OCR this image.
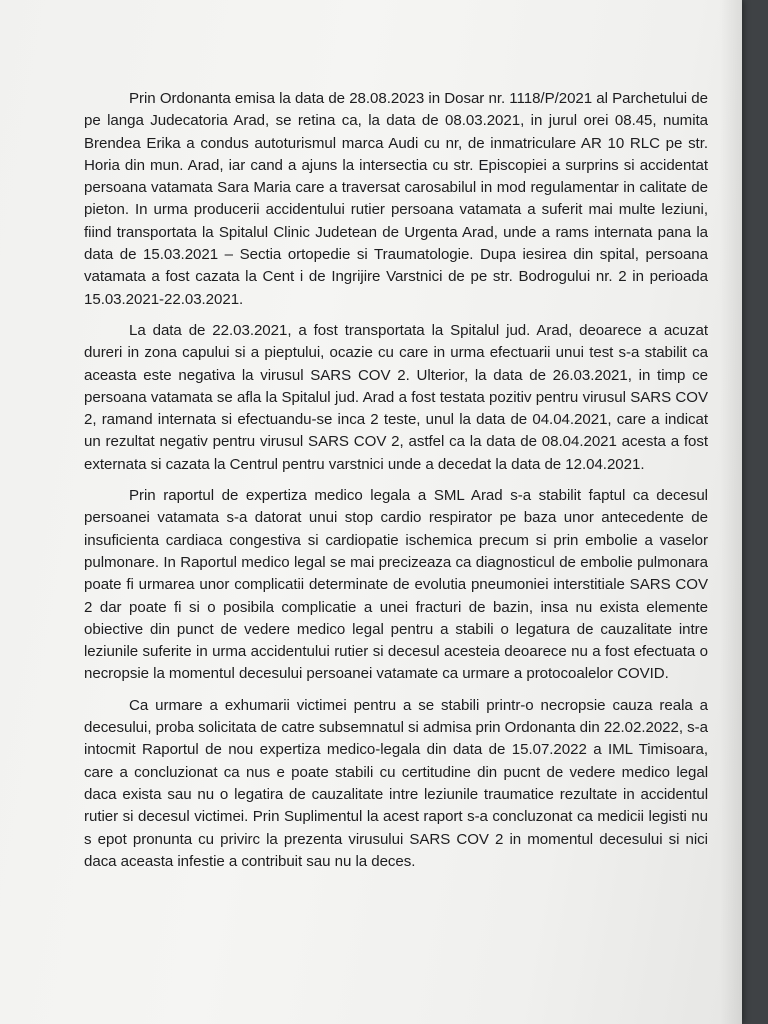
Prin Ordonanta emisa la data de 28.08.2023 in Dosar nr. 1118/P/2021 al Parchetului de pe langa Judecatoria Arad, se retina ca, la data de 08.03.2021, in jurul orei 08.45, numita Brendea Erika a condus autoturismul marca Audi cu nr, de inmatriculare AR 10 RLC pe str. Horia din mun. Arad, iar cand a ajuns la intersectia cu str. Episcopiei a surprins si accidentat persoana vatamata Sara Maria care a traversat carosabilul in mod regulamentar in calitate de pieton. In urma producerii accidentului rutier persoana vatamata a suferit mai multe leziuni, fiind transportata la Spitalul Clinic Judetean de Urgenta Arad, unde a rams internata pana la data de 15.03.2021 – Sectia ortopedie si Traumatologie. Dupa iesirea din spital, persoana vatamata a fost cazata la Cent i de Ingrijire Varstnici de pe str. Bodrogului nr. 2 in perioada 15.03.2021-22.03.2021.

La data de 22.03.2021, a fost transportata la Spitalul jud. Arad, deoarece a acuzat dureri in zona capului si a pieptului, ocazie cu care in urma efectuarii unui test s-a stabilit ca aceasta este negativa la virusul SARS COV 2. Ulterior, la data de 26.03.2021, in timp ce persoana vatamata se afla la Spitalul jud. Arad a fost testata pozitiv pentru virusul SARS COV 2, ramand internata si efectuandu-se inca 2 teste, unul la data de 04.04.2021, care a indicat un rezultat negativ pentru virusul SARS COV 2, astfel ca la data de 08.04.2021 acesta a fost externata si cazata la Centrul pentru varstnici unde a decedat la data de 12.04.2021.

Prin raportul de expertiza medico legala a SML Arad s-a stabilit faptul ca decesul persoanei vatamata s-a datorat unui stop cardio respirator pe baza unor antecedente de insuficienta cardiaca congestiva si cardiopatie ischemica precum si prin embolie a vaselor pulmonare. In Raportul medico legal se mai precizeaza ca diagnosticul de embolie pulmonara poate fi urmarea unor complicatii determinate de evolutia pneumoniei interstitiale SARS COV 2 dar poate fi si o posibila complicatie a unei fracturi de bazin, insa nu exista elemente obiective din punct de vedere medico legal pentru a stabili o legatura de cauzalitate intre leziunile suferite in urma accidentului rutier si decesul acesteia deoarece nu a fost efectuata o necropsie la momentul decesului persoanei vatamate ca urmare a protocoalelor COVID.

Ca urmare a exhumarii victimei pentru a se stabili printr-o necropsie cauza reala a decesului, proba solicitata de catre subsemnatul si admisa prin Ordonanta din 22.02.2022, s-a intocmit Raportul de nou expertiza medico-legala din data de 15.07.2022 a IML Timisoara, care a concluzionat ca nus e poate stabili cu certitudine din pucnt de vedere medico legal daca exista sau nu o legatira de cauzalitate intre leziunile traumatice rezultate in accidentul rutier si decesul victimei. Prin Suplimentul la acest raport s-a concluzonat ca medicii legisti nu s epot pronunta cu privirc la prezenta virusului SARS COV 2 in momentul decesului si nici daca aceasta infestie a contribuit sau nu la deces.
